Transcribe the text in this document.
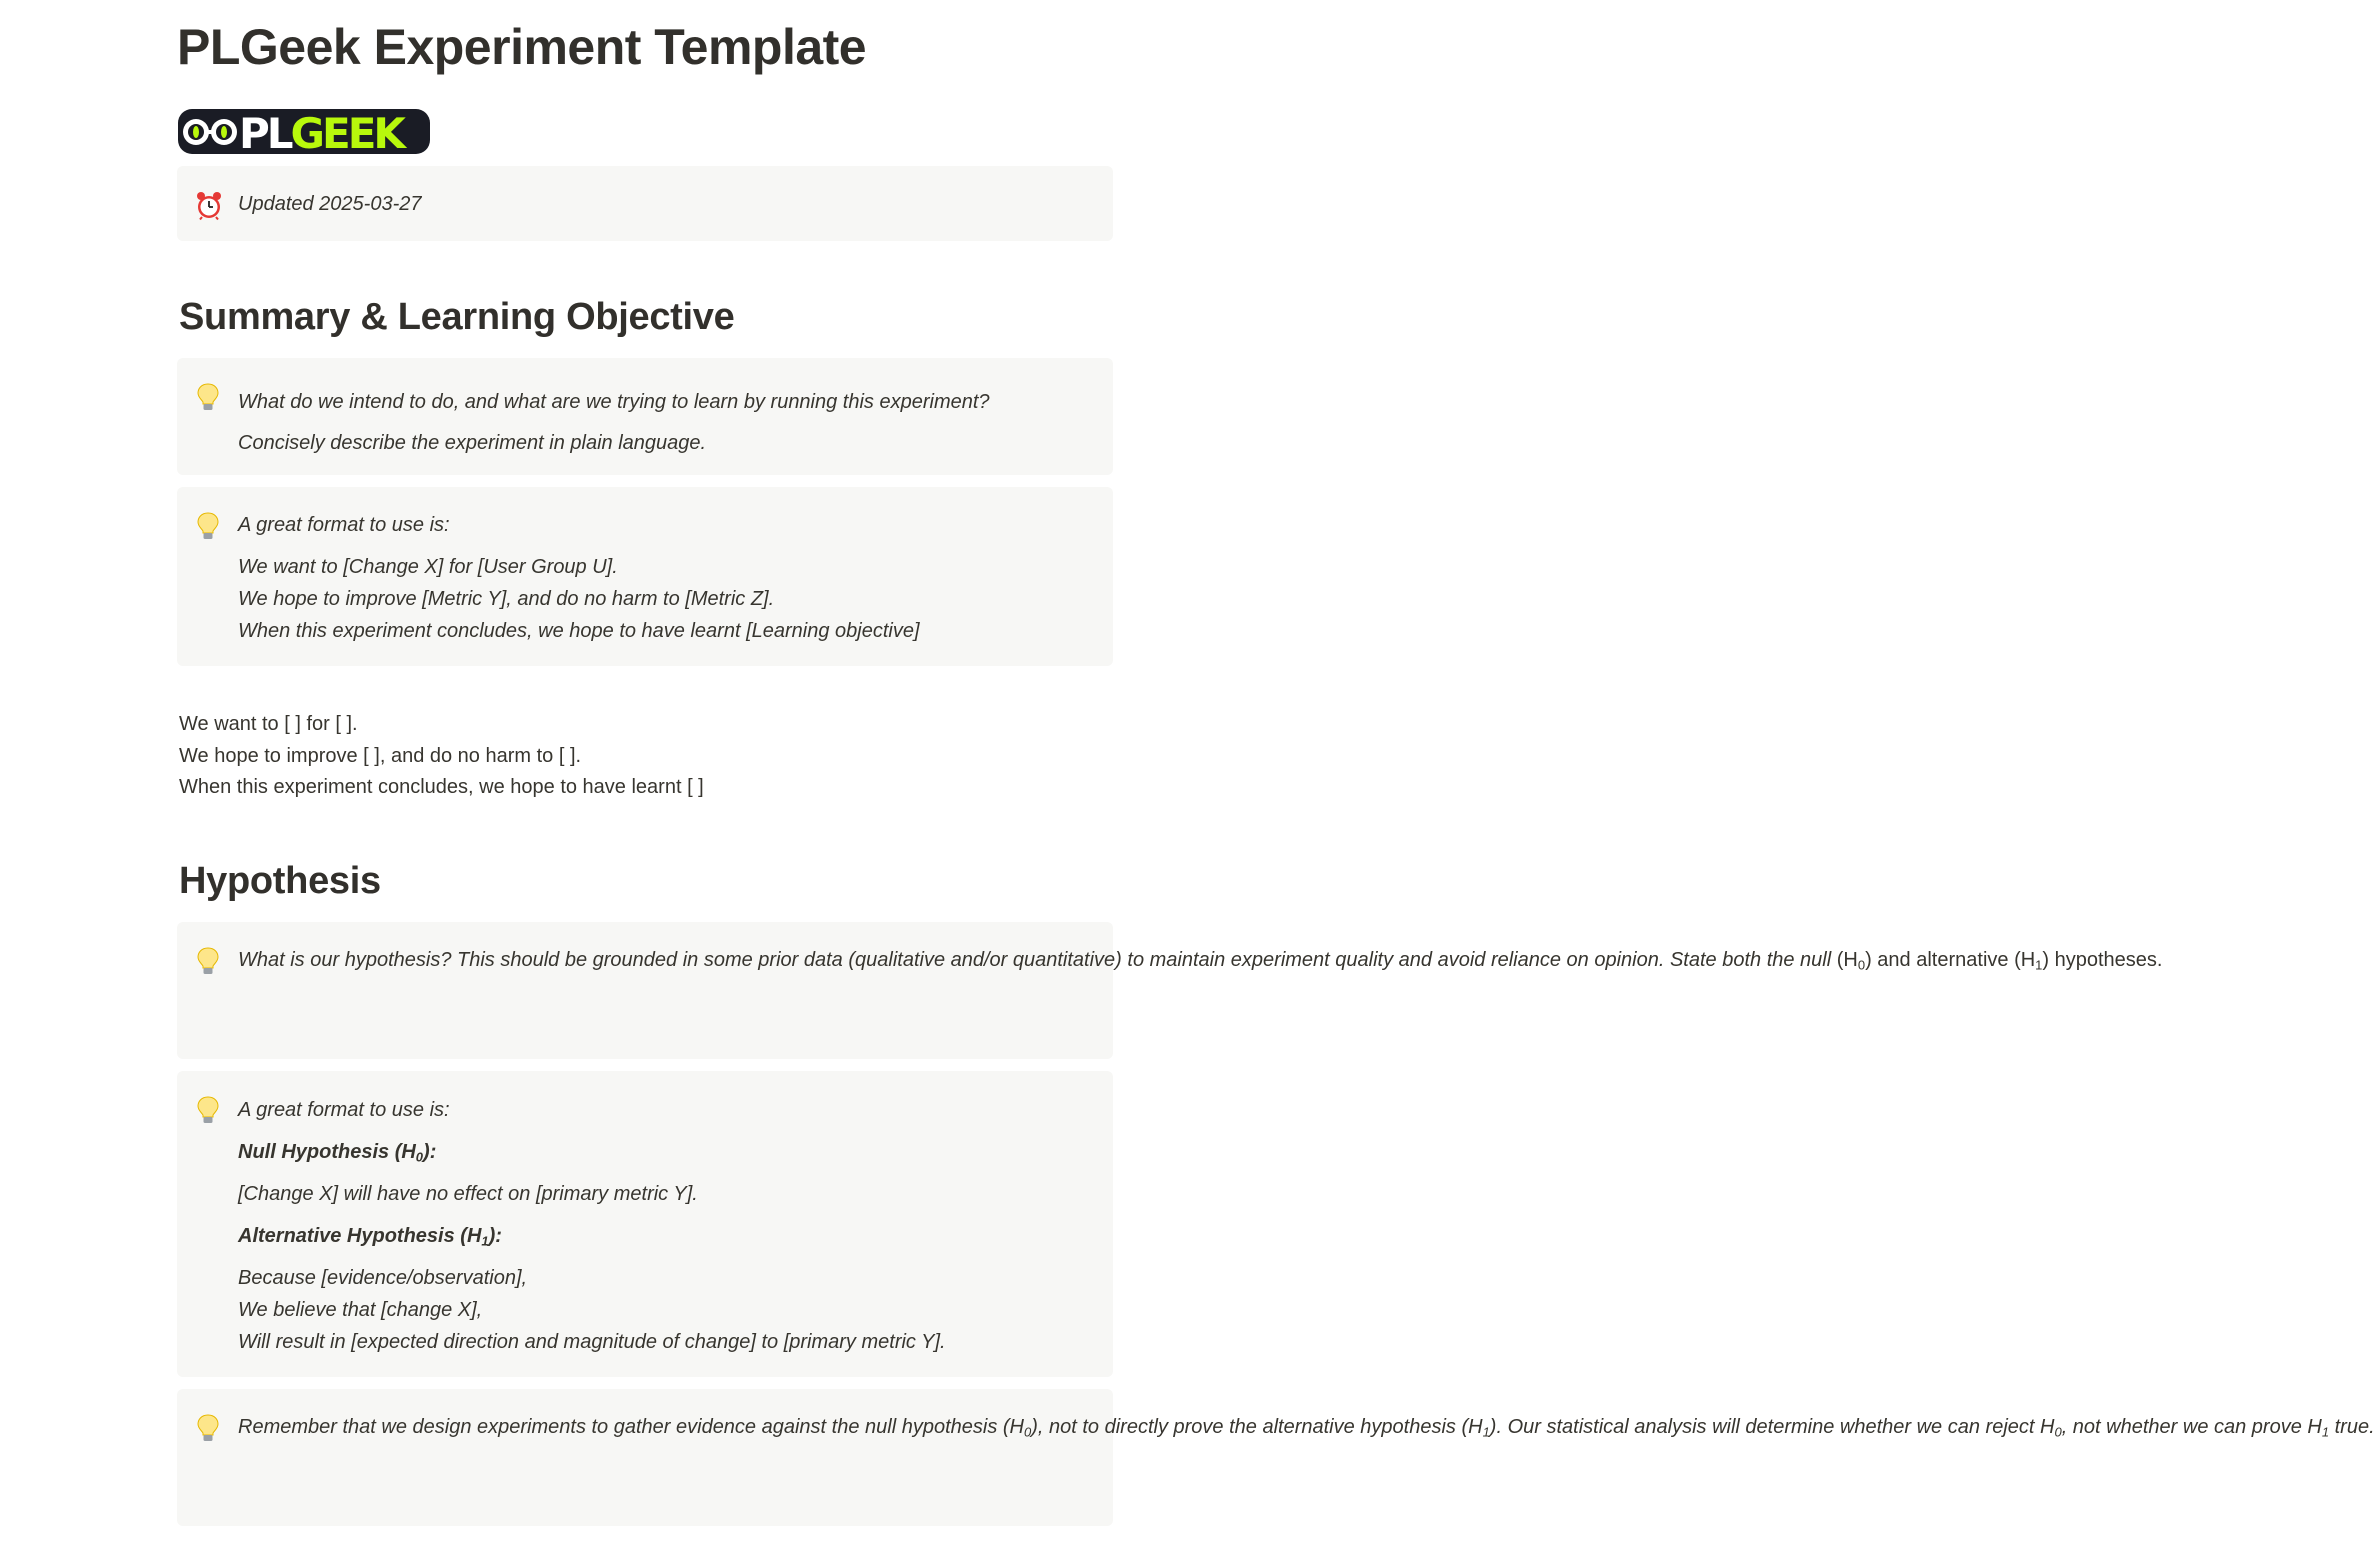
PLGeek Experiment Template
PLGEEK

Updated 2025-03-27

Summary & Learning Objective

What do we intend to do, and what are we trying to learn by running this experiment?

Concisely describe the experiment in plain language.

A great format to use is:

We want to [Change X] for [User Group U].

We hope to improve [Metric Y], and do no harm to [Metric Z].

When this experiment concludes, we hope to have learnt [Learning objective]

We want to [ ] for [ ].

We hope to improve [ ], and do no harm to [ ].

When this experiment concludes, we hope to have learnt [ ]

Hypothesis

What is our hypothesis? This should be grounded in some prior data (qualitative and/or quantitative) to maintain experiment quality and avoid reliance on opinion. State both the null $(H_0)$ and alternative $(H_1)$ hypotheses.

A great format to use is:

Null Hypothesis $(H_0)$:

[Change X] will have no effect on [primary metric Y].

Alternative Hypothesis $(H_1)$:

Because [evidence/observation],

We believe that [change X],

Will result in [expected direction and magnitude of change] to [primary metric Y].

Remember that we design experiments to gather evidence against the null hypothesis $(H_0)$, not to directly prove the alternative hypothesis $(H_1)$. Our statistical analysis will determine whether we can reject $H_0$, not whether we can prove $H_1$ true.
